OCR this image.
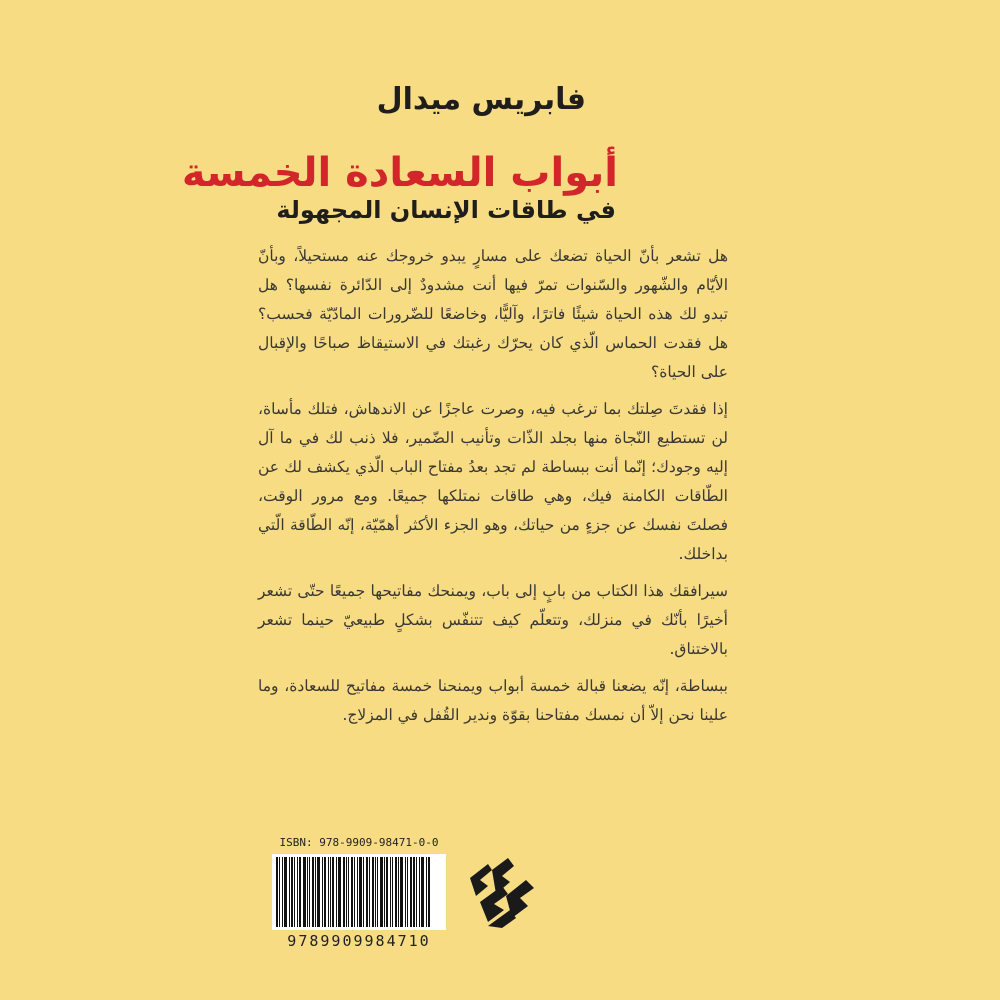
فابريس ميدال
أبواب السعادة الخمسة
في طاقات الإنسان المجهولة

هل تشعر بأنّ الحياة تضعك على مسارٍ يبدو خروجك عنه مستحيلاً، وبأنّ الأيّام والشّهور والسّنوات تمرّ فيها أنت مشدودٌ إلى الدّائرة نفسها؟ هل تبدو لك هذه الحياة شيئًا فاترًا، وآليًّا، وخاضعًا للضّرورات المادّيّة فحسب؟ هل فقدت الحماس الّذي كان يحرّك رغبتك في الاستيقاظ صباحًا والإقبال على الحياة؟

إذا فقدتَ صِلتك بما ترغب فيه، وصرت عاجزًا عن الاندهاش، فتلك مأساة، لن تستطيع النّجاة منها بجلد الذّات وتأنيب الضّمير، فلا ذنب لك في ما آل إليه وجودك؛ إنّما أنت ببساطة لم تجد بعدُ مفتاح الباب الّذي يكشف لك عن الطّاقات الكامنة فيك، وهي طاقات نمتلكها جميعًا. ومع مرور الوقت، فصلتَ نفسك عن جزءٍ من حياتك، وهو الجزء الأكثر أهمّيّة، إنّه الطّاقة الّتي بداخلك.

سيرافقك هذا الكتاب من بابٍ إلى باب، ويمنحك مفاتيحها جميعًا حتّى تشعر أخيرًا بأنّك في منزلك، وتتعلّم كيف تتنفّس بشكلٍ طبيعيّ حينما تشعر بالاختناق.

ببساطة، إنّه يضعنا قبالة خمسة أبواب ويمنحنا خمسة مفاتيح للسعادة، وما علينا نحن إلاّ أن نمسك مفتاحنا بقوّة وندير القُفل في المزلاج.

ISBN: 978-9909-98471-0-0
9789909984710
